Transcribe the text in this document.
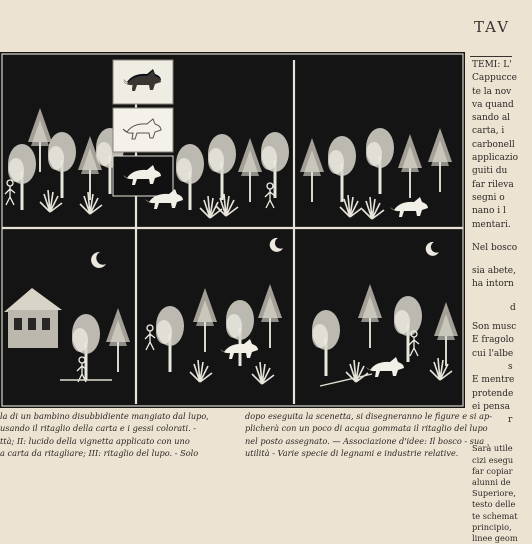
la di un bambino disubbidiente mangiato dal lupo,
usando il ritaglio della carta e i gessi colorati. -
ttà; II: lucido della vignetta applicato con uno
a carta da ritagliare; III: ritaglio del lupo. - Solo
dopo eseguita la scenetta, si disegneranno le figure e si ap-
plicherà con un poco di acqua gommata il ritaglio del lupo
nel posto assegnato. — Associazione d'idee: Il bosco - sua
utilità - Varie specie di legnami e industrie relative.
TAV
TEMI: L'
Cappucce
te la nov
va quand
sando al
carta, i
carbonell
applicazio
guiti du
far rileva
segni o
nano i l
mentari.
Nel bosco
sia abete,
ha intorn
d
Son musc
E fragolo
cui l'albe
s
E mentre
protende
ei pensa
r
Sarà utile
cizi esegu
far copiar
alunni de
Superiore,
testo delle
te schemat
principio,
linee geom
